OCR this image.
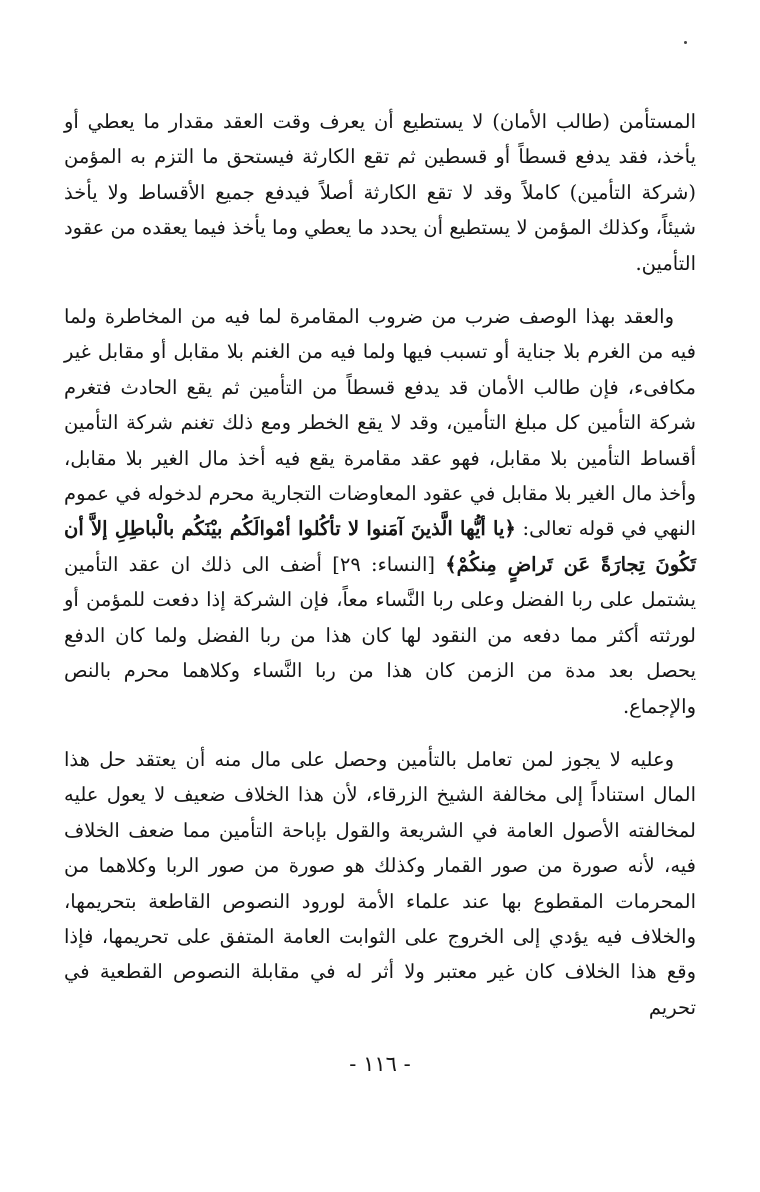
المستأمن (طالب الأمان) لا يستطيع أن يعرف وقت العقد مقدار ما يعطي أو يأخذ، فقد يدفع قسطاً أو قسطين ثم تقع الكارثة فيستحق ما التزم به المؤمن (شركة التأمين) كاملاً وقد لا تقع الكارثة أصلاً فيدفع جميع الأقساط ولا يأخذ شيئاً، وكذلك المؤمن لا يستطيع أن يحدد ما يعطي وما يأخذ فيما يعقده من عقود التأمين.

والعقد بهذا الوصف ضرب من ضروب المقامرة لما فيه من المخاطرة ولما فيه من الغرم بلا جناية أو تسبب فيها ولما فيه من الغنم بلا مقابل أو مقابل غير مكافىء، فإن طالب الأمان قد يدفع قسطاً من التأمين ثم يقع الحادث فتغرم شركة التأمين كل مبلغ التأمين، وقد لا يقع الخطر ومع ذلك تغنم شركة التأمين أقساط التأمين بلا مقابل، فهو عقد مقامرة يقع فيه أخذ مال الغير بلا مقابل، وأخذ مال الغير بلا مقابل في عقود المعاوضات التجارية محرم لدخوله في عموم النهي في قوله تعالى: ﴿يا أيُّها الَّذينَ آمَنوا لا تأكُلوا أمْوالَكُم بيْنَكُم بالْباطِلِ إلاَّ أن تَكُونَ تِجارَةً عَن تَراضٍ مِنكُمْ﴾ [النساء: ٢٩] أضف الى ذلك ان عقد التأمين يشتمل على ربا الفضل وعلى ربا النَّساء معاً، فإن الشركة إذا دفعت للمؤمن أو لورثته أكثر مما دفعه من النقود لها كان هذا من ربا الفضل ولما كان الدفع يحصل بعد مدة من الزمن كان هذا من ربا النَّساء وكلاهما محرم بالنص والإجماع.

وعليه لا يجوز لمن تعامل بالتأمين وحصل على مال منه أن يعتقد حل هذا المال استناداً إلى مخالفة الشيخ الزرقاء، لأن هذا الخلاف ضعيف لا يعول عليه لمخالفته الأصول العامة في الشريعة والقول بإباحة التأمين مما ضعف الخلاف فيه، لأنه صورة من صور القمار وكذلك هو صورة من صور الربا وكلاهما من المحرمات المقطوع بها عند علماء الأمة لورود النصوص القاطعة بتحريمها، والخلاف فيه يؤدي إلى الخروج على الثوابت العامة المتفق على تحريمها، فإذا وقع هذا الخلاف كان غير معتبر ولا أثر له في مقابلة النصوص القطعية في تحريم

- ١١٦ -
